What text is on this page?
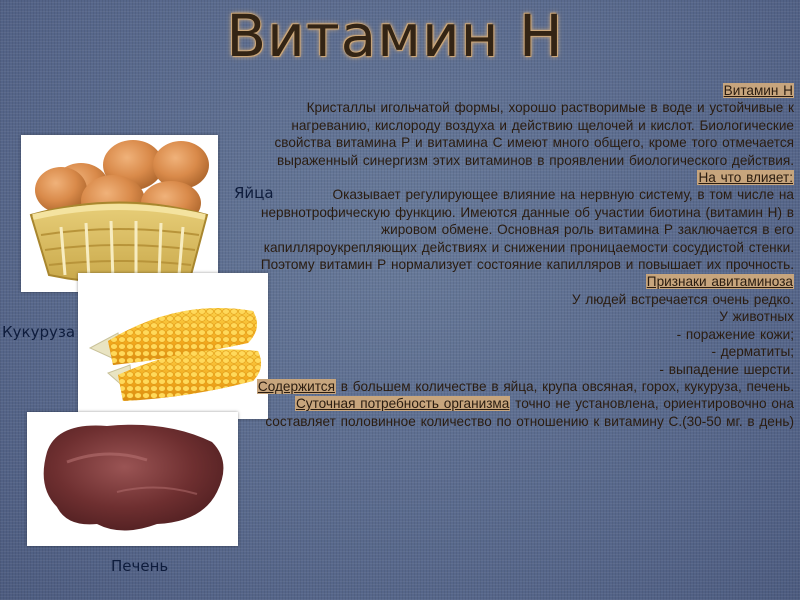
Витамин Н
Яйца
Кукуруза
Печень

Витамин Н

Кристаллы игольчатой формы, хорошо растворимые в воде и устойчивые к нагреванию, кислороду воздуха и действию щелочей и кислот. Биологические свойства витамина Р и витамина С имеют много общего, кроме того отмечается выраженный синергизм этих витаминов в проявлении биологического действия.

На что влияет:

Оказывает регулирующее влияние на нервную систему, в том числе на нервнотрофическую функцию. Имеются данные об участии биотина (витамин Н) в жировом обмене. Основная роль витамина Р заключается в его капилляроукрепляющих действиях и снижении проницаемости сосудистой стенки. Поэтому витамин Р нормализует состояние капилляров и повышает их прочность.

Признаки авитаминоза

У людей встречается очень редко.

У животных

- поражение кожи;

- дерматиты;

- выпадение шерсти.

Содержится в большем количестве в яйца, крупа овсяная, горох, кукуруза, печень.

Суточная потребность организма точно не установлена, ориентировочно она составляет половинное количество по отношению к витамину С.(30-50 мг. в день)
